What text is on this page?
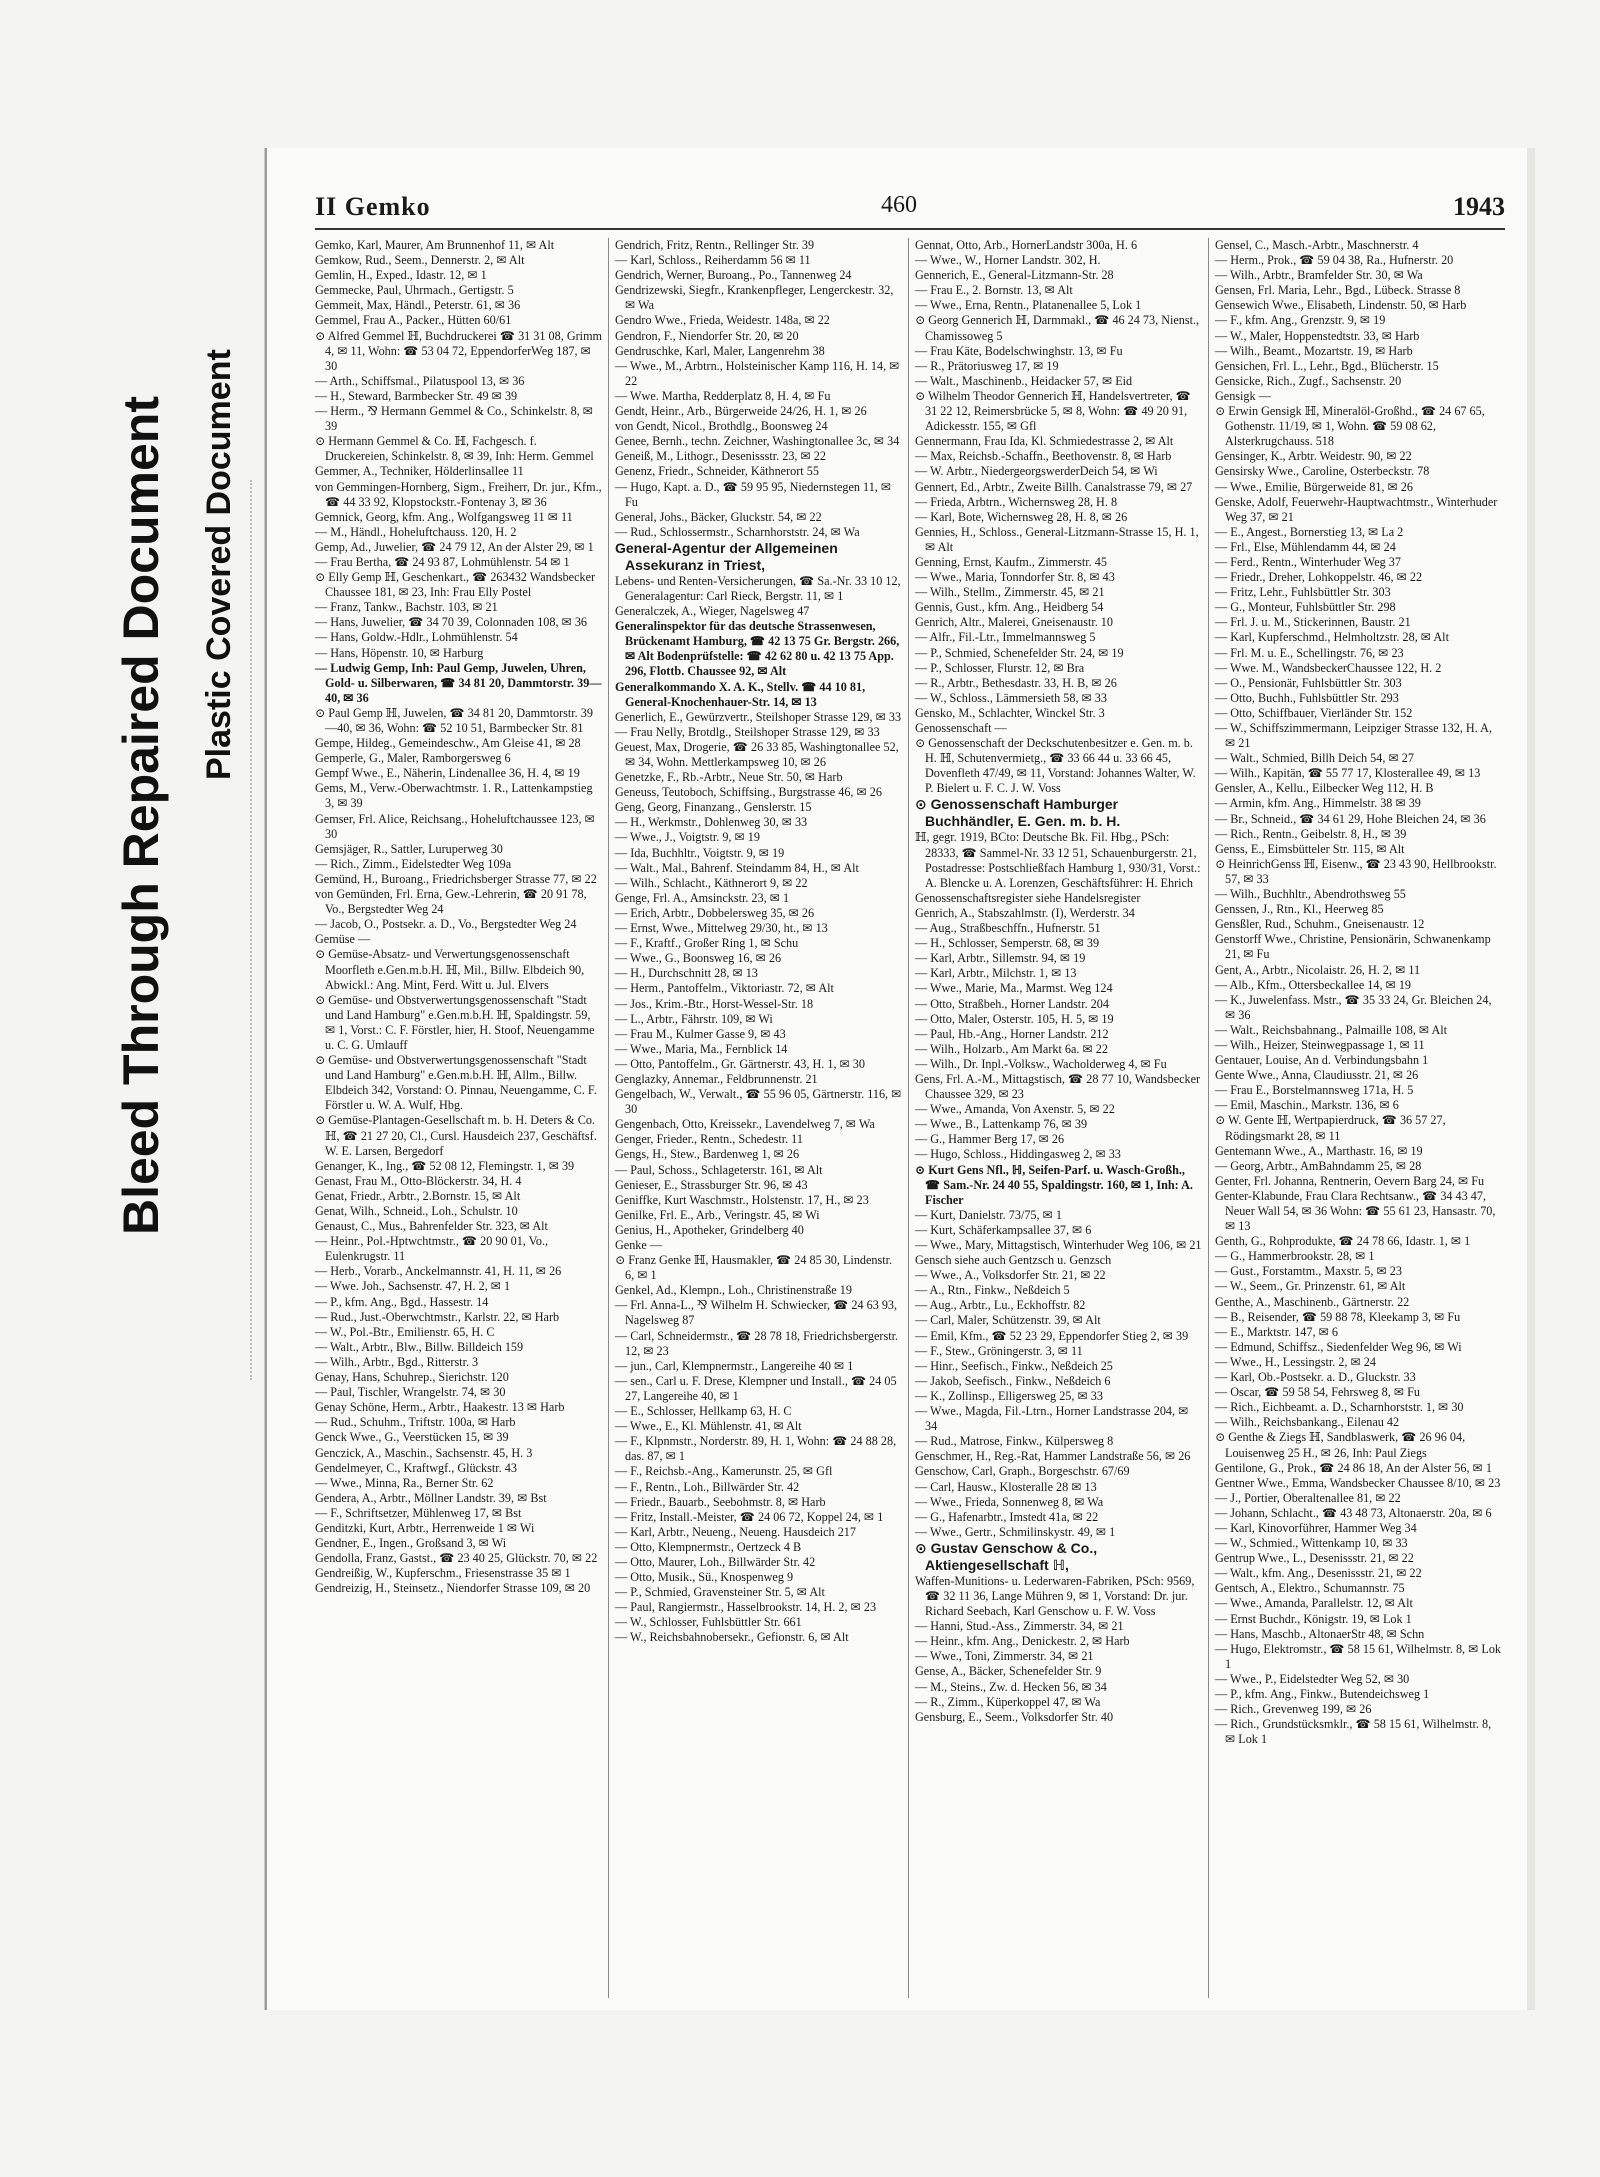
Bleed Through Repaired Document Plastic Covered Document
II Gemko	460	1943

Gemko, Karl, Maurer, Am Brunnenhof 11, ✉ Alt

Gemkow, Rud., Seem., Dennerstr. 2, ✉ Alt

Gemlin, H., Exped., Idastr. 12, ✉ 1

Gemmecke, Paul, Uhrmach., Gertigstr. 5

Gemmeit, Max, Händl., Peterstr. 61, ✉ 36

Gemmel, Frau A., Packer., Hütten 60/61

⊙ Alfred Gemmel ℍ, Buchdruckerei ☎ 31 31 08, Grimm 4, ✉ 11, Wohn: ☎ 53 04 72, EppendorferWeg 187, ✉ 30

— Arth., Schiffsmal., Pilatuspool 13, ✉ 36

— H., Steward, Barmbecker Str. 49 ✉ 39

— Herm., ⅋ Hermann Gemmel & Co., Schinkelstr. 8, ✉ 39

⊙ Hermann Gemmel & Co. ℍ, Fachgesch. f. Druckereien, Schinkelstr. 8, ✉ 39, Inh: Herm. Gemmel

Gemmer, A., Techniker, Hölderlinsallee 11

von Gemmingen-Hornberg, Sigm., Freiherr, Dr. jur., Kfm., ☎ 44 33 92, Klopstockstr.-Fontenay 3, ✉ 36

Gemnick, Georg, kfm. Ang., Wolfgangsweg 11 ✉ 11

— M., Händl., Hoheluftchauss. 120, H. 2

Gemp, Ad., Juwelier, ☎ 24 79 12, An der Alster 29, ✉ 1

— Frau Bertha, ☎ 24 93 87, Lohmühlenstr. 54 ✉ 1

⊙ Elly Gemp ℍ, Geschenkart., ☎ 263432 Wandsbecker Chaussee 181, ✉ 23, Inh: Frau Elly Postel

— Franz, Tankw., Bachstr. 103, ✉ 21

— Hans, Juwelier, ☎ 34 70 39, Colonnaden 108, ✉ 36

— Hans, Goldw.-Hdlr., Lohmühlenstr. 54

— Hans, Höpenstr. 10, ✉ Harburg

— Ludwig Gemp, Inh: Paul Gemp, Juwelen, Uhren, Gold- u. Silberwaren, ☎ 34 81 20, Dammtorstr. 39—40, ✉ 36

⊙ Paul Gemp ℍ, Juwelen, ☎ 34 81 20, Dammtorstr. 39—40, ✉ 36, Wohn: ☎ 52 10 51, Barmbecker Str. 81

Gempe, Hildeg., Gemeindeschw., Am Gleise 41, ✉ 28

Gemperle, G., Maler, Ramborgersweg 6

Gempf Wwe., E., Näherin, Lindenallee 36, H. 4, ✉ 19

Gems, M., Verw.-Oberwachtmstr. 1. R., Lattenkampstieg 3, ✉ 39

Gemser, Frl. Alice, Reichsang., Hoheluftchaussee 123, ✉ 30

Gemsjäger, R., Sattler, Luruperweg 30

— Rich., Zimm., Eidelstedter Weg 109a

Gemünd, H., Buroang., Friedrichsberger Strasse 77, ✉ 22

von Gemünden, Frl. Erna, Gew.-Lehrerin, ☎ 20 91 78, Vo., Bergstedter Weg 24

— Jacob, O., Postsekr. a. D., Vo., Bergstedter Weg 24

Gemüse —

⊙ Gemüse-Absatz- und Verwertungsgenossenschaft Moorfleth e.Gen.m.b.H. ℍ, Mil., Billw. Elbdeich 90, Abwickl.: Ang. Mint, Ferd. Witt u. Jul. Elvers

⊙ Gemüse- und Obstverwertungsgenossenschaft "Stadt und Land Hamburg" e.Gen.m.b.H. ℍ, Spaldingstr. 59, ✉ 1, Vorst.: C. F. Förstler, hier, H. Stoof, Neuengamme u. C. G. Umlauff

⊙ Gemüse- und Obstverwertungsgenossenschaft "Stadt und Land Hamburg" e.Gen.m.b.H. ℍ, Allm., Billw. Elbdeich 342, Vorstand: O. Pinnau, Neuengamme, C. F. Förstler u. W. A. Wulf, Hbg.

⊙ Gemüse-Plantagen-Gesellschaft m. b. H. Deters & Co. ℍ, ☎ 21 27 20, Cl., Cursl. Hausdeich 237, Geschäftsf. W. E. Larsen, Bergedorf

Genanger, K., Ing., ☎ 52 08 12, Flemingstr. 1, ✉ 39

Genast, Frau M., Otto-Blöckerstr. 34, H. 4

Genat, Friedr., Arbtr., 2.Bornstr. 15, ✉ Alt

Genat, Wilh., Schneid., Loh., Schulstr. 10

Genaust, C., Mus., Bahrenfelder Str. 323, ✉ Alt

— Heinr., Pol.-Hptwchtmstr., ☎ 20 90 01, Vo., Eulenkrugstr. 11

— Herb., Vorarb., Anckelmannstr. 41, H. 11, ✉ 26

— Wwe. Joh., Sachsenstr. 47, H. 2, ✉ 1

— P., kfm. Ang., Bgd., Hassestr. 14

— Rud., Just.-Oberwchtmstr., Karlstr. 22, ✉ Harb

— W., Pol.-Btr., Emilienstr. 65, H. C

— Walt., Arbtr., Blw., Billw. Billdeich 159

— Wilh., Arbtr., Bgd., Ritterstr. 3

Genay, Hans, Schuhrep., Sierichstr. 120

— Paul, Tischler, Wrangelstr. 74, ✉ 30

Genay Schöne, Herm., Arbtr., Haakestr. 13 ✉ Harb

— Rud., Schuhm., Triftstr. 100a, ✉ Harb

Genck Wwe., G., Veerstücken 15, ✉ 39

Genczick, A., Maschin., Sachsenstr. 45, H. 3

Gendelmeyer, C., Kraftwgf., Glückstr. 43

— Wwe., Minna, Ra., Berner Str. 62

Gendera, A., Arbtr., Möllner Landstr. 39, ✉ Bst

— F., Schriftsetzer, Mühlenweg 17, ✉ Bst

Genditzki, Kurt, Arbtr., Herrenweide 1 ✉ Wi

Gendner, E., Ingen., Großsand 3, ✉ Wi

Gendolla, Franz, Gastst., ☎ 23 40 25, Glückstr. 70, ✉ 22

Gendreißig, W., Kupferschm., Friesenstrasse 35 ✉ 1

Gendreizig, H., Steinsetz., Niendorfer Strasse 109, ✉ 20

Gendrich, Fritz, Rentn., Rellinger Str. 39

— Karl, Schloss., Reiherdamm 56 ✉ 11

Gendrich, Werner, Buroang., Po., Tannenweg 24

Gendrizewski, Siegfr., Krankenpfleger, Lengerckestr. 32, ✉ Wa

Gendro Wwe., Frieda, Weidestr. 148a, ✉ 22

Gendron, F., Niendorfer Str. 20, ✉ 20

Gendruschke, Karl, Maler, Langenrehm 38

— Wwe., M., Arbtrn., Holsteinischer Kamp 116, H. 14, ✉ 22

— Wwe. Martha, Redderplatz 8, H. 4, ✉ Fu

Gendt, Heinr., Arb., Bürgerweide 24/26, H. 1, ✉ 26

von Gendt, Nicol., Brothdlg., Boonsweg 24

Genee, Bernh., techn. Zeichner, Washingtonallee 3c, ✉ 34

Geneiß, M., Lithogr., Desenissstr. 23, ✉ 22

Genenz, Friedr., Schneider, Käthnerort 55

— Hugo, Kapt. a. D., ☎ 59 95 95, Niedernstegen 11, ✉ Fu

General, Johs., Bäcker, Gluckstr. 54, ✉ 22

— Rud., Schlossermstr., Scharnhorststr. 24, ✉ Wa

General-Agentur der Allgemeinen Assekuranz in Triest,

Lebens- und Renten-Versicherungen, ☎ Sa.-Nr. 33 10 12, Generalagentur: Carl Rieck, Bergstr. 11, ✉ 1

Generalczek, A., Wieger, Nagelsweg 47

Generalinspektor für das deutsche Strassenwesen, Brückenamt Hamburg, ☎ 42 13 75 Gr. Bergstr. 266, ✉ Alt Bodenprüfstelle: ☎ 42 62 80 u. 42 13 75 App. 296, Flottb. Chaussee 92, ✉ Alt

Generalkommando X. A. K., Stellv. ☎ 44 10 81, General-Knochenhauer-Str. 14, ✉ 13

Generlich, E., Gewürzvertr., Steilshoper Strasse 129, ✉ 33

— Frau Nelly, Brotdlg., Steilshoper Strasse 129, ✉ 33

Geuest, Max, Drogerie, ☎ 26 33 85, Washingtonallee 52, ✉ 34, Wohn. Mettlerkampsweg 10, ✉ 26

Genetzke, F., Rb.-Arbtr., Neue Str. 50, ✉ Harb

Geneuss, Teutoboch, Schiffsing., Burgstrasse 46, ✉ 26

Geng, Georg, Finanzang., Genslerstr. 15

— H., Werkmstr., Dohlenweg 30, ✉ 33

— Wwe., J., Voigtstr. 9, ✉ 19

— Ida, Buchhltr., Voigtstr. 9, ✉ 19

— Walt., Mal., Bahrenf. Steindamm 84, H., ✉ Alt

— Wilh., Schlacht., Käthnerort 9, ✉ 22

Genge, Frl. A., Amsinckstr. 23, ✉ 1

— Erich, Arbtr., Dobbelersweg 35, ✉ 26

— Ernst, Wwe., Mittelweg 29/30, ht., ✉ 13

— F., Kraftf., Großer Ring 1, ✉ Schu

— Wwe., G., Boonsweg 16, ✉ 26

— H., Durchschnitt 28, ✉ 13

— Herm., Pantoffelm., Viktoriastr. 72, ✉ Alt

— Jos., Krim.-Btr., Horst-Wessel-Str. 18

— L., Arbtr., Fährstr. 109, ✉ Wi

— Frau M., Kulmer Gasse 9, ✉ 43

— Wwe., Maria, Ma., Fernblick 14

— Otto, Pantoffelm., Gr. Gärtnerstr. 43, H. 1, ✉ 30

Genglazky, Annemar., Feldbrunnenstr. 21

Gengelbach, W., Verwalt., ☎ 55 96 05, Gärtnerstr. 116, ✉ 30

Gengenbach, Otto, Kreissekr., Lavendelweg 7, ✉ Wa

Genger, Frieder., Rentn., Schedestr. 11

Gengs, H., Stew., Bardenweg 1, ✉ 26

— Paul, Schoss., Schlageterstr. 161, ✉ Alt

Genieser, E., Strassburger Str. 96, ✉ 43

Geniffke, Kurt Waschmstr., Holstenstr. 17, H., ✉ 23

Genilke, Frl. E., Arb., Veringstr. 45, ✉ Wi

Genius, H., Apotheker, Grindelberg 40

Genke —

⊙ Franz Genke ℍ, Hausmakler, ☎ 24 85 30, Lindenstr. 6, ✉ 1

Genkel, Ad., Klempn., Loh., Christinenstraße 19

— Frl. Anna-L., ⅋ Wilhelm H. Schwiecker, ☎ 24 63 93, Nagelsweg 87

— Carl, Schneidermstr., ☎ 28 78 18, Friedrichsbergerstr. 12, ✉ 23

— jun., Carl, Klempnermstr., Langereihe 40 ✉ 1

— sen., Carl u. F. Drese, Klempner und Install., ☎ 24 05 27, Langereihe 40, ✉ 1

— E., Schlosser, Hellkamp 63, H. C

— Wwe., E., Kl. Mühlenstr. 41, ✉ Alt

— F., Klpnmstr., Norderstr. 89, H. 1, Wohn: ☎ 24 88 28, das. 87, ✉ 1

— F., Reichsb.-Ang., Kamerunstr. 25, ✉ Gfl

— F., Rentn., Loh., Billwärder Str. 42

— Friedr., Bauarb., Seebohmstr. 8, ✉ Harb

— Fritz, Install.-Meister, ☎ 24 06 72, Koppel 24, ✉ 1

— Karl, Arbtr., Neueng., Neueng. Hausdeich 217

— Otto, Klempnermstr., Oertzeck 4 B

— Otto, Maurer, Loh., Billwärder Str. 42

— Otto, Musik., Sü., Knospenweg 9

— P., Schmied, Gravensteiner Str. 5, ✉ Alt

— Paul, Rangiermstr., Hasselbrookstr. 14, H. 2, ✉ 23

— W., Schlosser, Fuhlsbüttler Str. 661

— W., Reichsbahnobersekr., Gefionstr. 6, ✉ Alt

Gennat, Otto, Arb., HornerLandstr 300a, H. 6

— Wwe., W., Horner Landstr. 302, H.

Gennerich, E., General-Litzmann-Str. 28

— Frau E., 2. Bornstr. 13, ✉ Alt

— Wwe., Erna, Rentn., Platanenallee 5, Lok 1

⊙ Georg Gennerich ℍ, Darmmakl., ☎ 46 24 73, Nienst., Chamissoweg 5

— Frau Käte, Bodelschwinghstr. 13, ✉ Fu

— R., Prätoriusweg 17, ✉ 19

— Walt., Maschinenb., Heidacker 57, ✉ Eid

⊙ Wilhelm Theodor Gennerich ℍ, Handelsvertreter, ☎ 31 22 12, Reimersbrücke 5, ✉ 8, Wohn: ☎ 49 20 91, Adickesstr. 155, ✉ Gfl

Gennermann, Frau Ida, Kl. Schmiedestrasse 2, ✉ Alt

— Max, Reichsb.-Schaffn., Beethovenstr. 8, ✉ Harb

— W. Arbtr., NiedergeorgswerderDeich 54, ✉ Wi

Gennert, Ed., Arbtr., Zweite Billh. Canalstrasse 79, ✉ 27

— Frieda, Arbtrn., Wichernsweg 28, H. 8

— Karl, Bote, Wichernsweg 28, H. 8, ✉ 26

Gennies, H., Schloss., General-Litzmann-Strasse 15, H. 1, ✉ Alt

Genning, Ernst, Kaufm., Zimmerstr. 45

— Wwe., Maria, Tonndorfer Str. 8, ✉ 43

— Wilh., Stellm., Zimmerstr. 45, ✉ 21

Gennis, Gust., kfm. Ang., Heidberg 54

Genrich, Altr., Malerei, Gneisenaustr. 10

— Alfr., Fil.-Ltr., Immelmannsweg 5

— P., Schmied, Schenefelder Str. 24, ✉ 19

— P., Schlosser, Flurstr. 12, ✉ Bra

— R., Arbtr., Bethesdastr. 33, H. B, ✉ 26

— W., Schloss., Lämmersieth 58, ✉ 33

Gensko, M., Schlachter, Winckel Str. 3

Genossenschaft —

⊙ Genossenschaft der Deckschutenbesitzer e. Gen. m. b. H. ℍ, Schutenvermietg., ☎ 33 66 44 u. 33 66 45, Dovenfleth 47/49, ✉ 11, Vorstand: Johannes Walter, W. P. Bielert u. F. C. J. W. Voss

⊙ Genossenschaft Hamburger Buchhändler, E. Gen. m. b. H.

ℍ, gegr. 1919, BCto: Deutsche Bk. Fil. Hbg., PSch: 28333, ☎ Sammel-Nr. 33 12 51, Schauenburgerstr. 21, Postadresse: Postschließfach Hamburg 1, 930/31, Vorst.: A. Blencke u. A. Lorenzen, Geschäftsführer: H. Ehrich

Genossenschaftsregister siehe Handelsregister

Genrich, A., Stabszahlmstr. (I), Werderstr. 34

— Aug., Straßbeschffn., Hufnerstr. 51

— H., Schlosser, Semperstr. 68, ✉ 39

— Karl, Arbtr., Sillemstr. 94, ✉ 19

— Karl, Arbtr., Milchstr. 1, ✉ 13

— Wwe., Marie, Ma., Marmst. Weg 124

— Otto, Straßbeh., Horner Landstr. 204

— Otto, Maler, Osterstr. 105, H. 5, ✉ 19

— Paul, Hb.-Ang., Horner Landstr. 212

— Wilh., Holzarb., Am Markt 6a. ✉ 22

— Wilh., Dr. Inpl.-Volksw., Wacholderweg 4, ✉ Fu

Gens, Frl. A.-M., Mittagstisch, ☎ 28 77 10, Wandsbecker Chaussee 329, ✉ 23

— Wwe., Amanda, Von Axenstr. 5, ✉ 22

— Wwe., B., Lattenkamp 76, ✉ 39

— G., Hammer Berg 17, ✉ 26

— Hugo, Schloss., Hiddingasweg 2, ✉ 33

⊙ Kurt Gens Nfl., ℍ, Seifen-Parf. u. Wasch-Großh., ☎ Sam.-Nr. 24 40 55, Spaldingstr. 160, ✉ 1, Inh: A. Fischer

— Kurt, Danielstr. 73/75, ✉ 1

— Kurt, Schäferkampsallee 37, ✉ 6

— Wwe., Mary, Mittagstisch, Winterhuder Weg 106, ✉ 21

Gensch siehe auch Gentzsch u. Genzsch

— Wwe., A., Volksdorfer Str. 21, ✉ 22

— A., Rtn., Finkw., Neßdeich 5

— Aug., Arbtr., Lu., Eckhoffstr. 82

— Carl, Maler, Schützenstr. 39, ✉ Alt

— Emil, Kfm., ☎ 52 23 29, Eppendorfer Stieg 2, ✉ 39

— F., Stew., Gröningerstr. 3, ✉ 11

— Hinr., Seefisch., Finkw., Neßdeich 25

— Jakob, Seefisch., Finkw., Neßdeich 6

— K., Zollinsp., Elligersweg 25, ✉ 33

— Wwe., Magda, Fil.-Ltrn., Horner Landstrasse 204, ✉ 34

— Rud., Matrose, Finkw., Külpersweg 8

Genschmer, H., Reg.-Rat, Hammer Landstraße 56, ✉ 26

Genschow, Carl, Graph., Borgeschstr. 67/69

— Carl, Hausw., Klosteralle 28 ✉ 13

— Wwe., Frieda, Sonnenweg 8, ✉ Wa

— G., Hafenarbtr., Imstedt 41a, ✉ 22

— Wwe., Gertr., Schmilinskystr. 49, ✉ 1

⊙ Gustav Genschow & Co., Aktiengesellschaft ℍ,

Waffen-Munitions- u. Lederwaren-Fabriken, PSch: 9569, ☎ 32 11 36, Lange Mühren 9, ✉ 1, Vorstand: Dr. jur. Richard Seebach, Karl Genschow u. F. W. Voss

— Hanni, Stud.-Ass., Zimmerstr. 34, ✉ 21

— Heinr., kfm. Ang., Denickestr. 2, ✉ Harb

— Wwe., Toni, Zimmerstr. 34, ✉ 21

Gense, A., Bäcker, Schenefelder Str. 9

— M., Steins., Zw. d. Hecken 56, ✉ 34

— R., Zimm., Küperkoppel 47, ✉ Wa

Gensburg, E., Seem., Volksdorfer Str. 40

Gensel, C., Masch.-Arbtr., Maschnerstr. 4

— Herm., Prok., ☎ 59 04 38, Ra., Hufnerstr. 20

— Wilh., Arbtr., Bramfelder Str. 30, ✉ Wa

Gensen, Frl. Maria, Lehr., Bgd., Lübeck. Strasse 8

Gensewich Wwe., Elisabeth, Lindenstr. 50, ✉ Harb

— F., kfm. Ang., Grenzstr. 9, ✉ 19

— W., Maler, Hoppenstedtstr. 33, ✉ Harb

— Wilh., Beamt., Mozartstr. 19, ✉ Harb

Gensichen, Frl. L., Lehr., Bgd., Blücherstr. 15

Gensicke, Rich., Zugf., Sachsenstr. 20

Gensigk —

⊙ Erwin Gensigk ℍ, Mineralöl-Großhd., ☎ 24 67 65, Gothenstr. 11/19, ✉ 1, Wohn. ☎ 59 08 62, Alsterkrugchauss. 518

Gensinger, K., Arbtr. Weidestr. 90, ✉ 22

Gensirsky Wwe., Caroline, Osterbeckstr. 78

— Wwe., Emilie, Bürgerweide 81, ✉ 26

Genske, Adolf, Feuerwehr-Hauptwachtmstr., Winterhuder Weg 37, ✉ 21

— E., Angest., Bornerstieg 13, ✉ La 2

— Frl., Else, Mühlendamm 44, ✉ 24

— Ferd., Rentn., Winterhuder Weg 37

— Friedr., Dreher, Lohkoppelstr. 46, ✉ 22

— Fritz, Lehr., Fuhlsbüttler Str. 303

— G., Monteur, Fuhlsbüttler Str. 298

— Frl. J. u. M., Stickerinnen, Baustr. 21

— Karl, Kupferschmd., Helmholtzstr. 28, ✉ Alt

— Frl. M. u. E., Schellingstr. 76, ✉ 23

— Wwe. M., WandsbeckerChaussee 122, H. 2

— O., Pensionär, Fuhlsbüttler Str. 303

— Otto, Buchh., Fuhlsbüttler Str. 293

— Otto, Schiffbauer, Vierländer Str. 152

— W., Schiffszimmermann, Leipziger Strasse 132, H. A, ✉ 21

— Walt., Schmied, Billh Deich 54, ✉ 27

— Wilh., Kapitän, ☎ 55 77 17, Klosterallee 49, ✉ 13

Gensler, A., Kellu., Eilbecker Weg 112, H. B

— Armin, kfm. Ang., Himmelstr. 38 ✉ 39

— Br., Schneid., ☎ 34 61 29, Hohe Bleichen 24, ✉ 36

— Rich., Rentn., Geibelstr. 8, H., ✉ 39

Genss, E., Eimsbütteler Str. 115, ✉ Alt

⊙ HeinrichGenss ℍ, Eisenw., ☎ 23 43 90, Hellbrookstr. 57, ✉ 33

— Wilh., Buchhltr., Abendrothsweg 55

Genssen, J., Rtn., Kl., Heerweg 85

Gensßler, Rud., Schuhm., Gneisenaustr. 12

Genstorff Wwe., Christine, Pensionärin, Schwanenkamp 21, ✉ Fu

Gent, A., Arbtr., Nicolaistr. 26, H. 2, ✉ 11

— Alb., Kfm., Ottersbeckallee 14, ✉ 19

— K., Juwelenfass. Mstr., ☎ 35 33 24, Gr. Bleichen 24, ✉ 36

— Walt., Reichsbahnang., Palmaille 108, ✉ Alt

— Wilh., Heizer, Steinwegpassage 1, ✉ 11

Gentauer, Louise, An d. Verbindungsbahn 1

Gente Wwe., Anna, Claudiusstr. 21, ✉ 26

— Frau E., Borstelmannsweg 171a, H. 5

— Emil, Maschin., Markstr. 136, ✉ 6

⊙ W. Gente ℍ, Wertpapierdruck, ☎ 36 57 27, Rödingsmarkt 28, ✉ 11

Gentemann Wwe., A., Marthastr. 16, ✉ 19

— Georg, Arbtr., AmBahndamm 25, ✉ 28

Genter, Frl. Johanna, Rentnerin, Oevern Barg 24, ✉ Fu

Genter-Klabunde, Frau Clara Rechtsanw., ☎ 34 43 47, Neuer Wall 54, ✉ 36 Wohn: ☎ 55 61 23, Hansastr. 70, ✉ 13

Genth, G., Rohprodukte, ☎ 24 78 66, Idastr. 1, ✉ 1

— G., Hammerbrookstr. 28, ✉ 1

— Gust., Forstamtm., Maxstr. 5, ✉ 23

— W., Seem., Gr. Prinzenstr. 61, ✉ Alt

Genthe, A., Maschinenb., Gärtnerstr. 22

— B., Reisender, ☎ 59 88 78, Kleekamp 3, ✉ Fu

— E., Marktstr. 147, ✉ 6

— Edmund, Schiffsz., Siedenfelder Weg 96, ✉ Wi

— Wwe., H., Lessingstr. 2, ✉ 24

— Karl, Ob.-Postsekr. a. D., Gluckstr. 33

— Oscar, ☎ 59 58 54, Fehrsweg 8, ✉ Fu

— Rich., Eichbeamt. a. D., Scharnhorststr. 1, ✉ 30

— Wilh., Reichsbankang., Eilenau 42

⊙ Genthe & Ziegs ℍ, Sandblaswerk, ☎ 26 96 04, Louisenweg 25 H., ✉ 26, Inh: Paul Ziegs

Gentilone, G., Prok., ☎ 24 86 18, An der Alster 56, ✉ 1

Gentner Wwe., Emma, Wandsbecker Chaussee 8/10, ✉ 23

— J., Portier, Oberaltenallee 81, ✉ 22

— Johann, Schlacht., ☎ 43 48 73, Altonaerstr. 20a, ✉ 6

— Karl, Kinovorführer, Hammer Weg 34

— W., Schmied., Wittenkamp 10, ✉ 33

Gentrup Wwe., L., Desenissstr. 21, ✉ 22

— Walt., kfm. Ang., Desenissstr. 21, ✉ 22

Gentsch, A., Elektro., Schumannstr. 75

— Wwe., Amanda, Parallelstr. 12, ✉ Alt

— Ernst Buchdr., Königstr. 19, ✉ Lok 1

— Hans, Maschb., AltonaerStr 48, ✉ Schn

— Hugo, Elektromstr., ☎ 58 15 61, Wilhelmstr. 8, ✉ Lok 1

— Wwe., P., Eidelstedter Weg 52, ✉ 30

— P., kfm. Ang., Finkw., Butendeichsweg 1

— Rich., Grevenweg 199, ✉ 26

— Rich., Grundstücksmklr., ☎ 58 15 61, Wilhelmstr. 8, ✉ Lok 1
